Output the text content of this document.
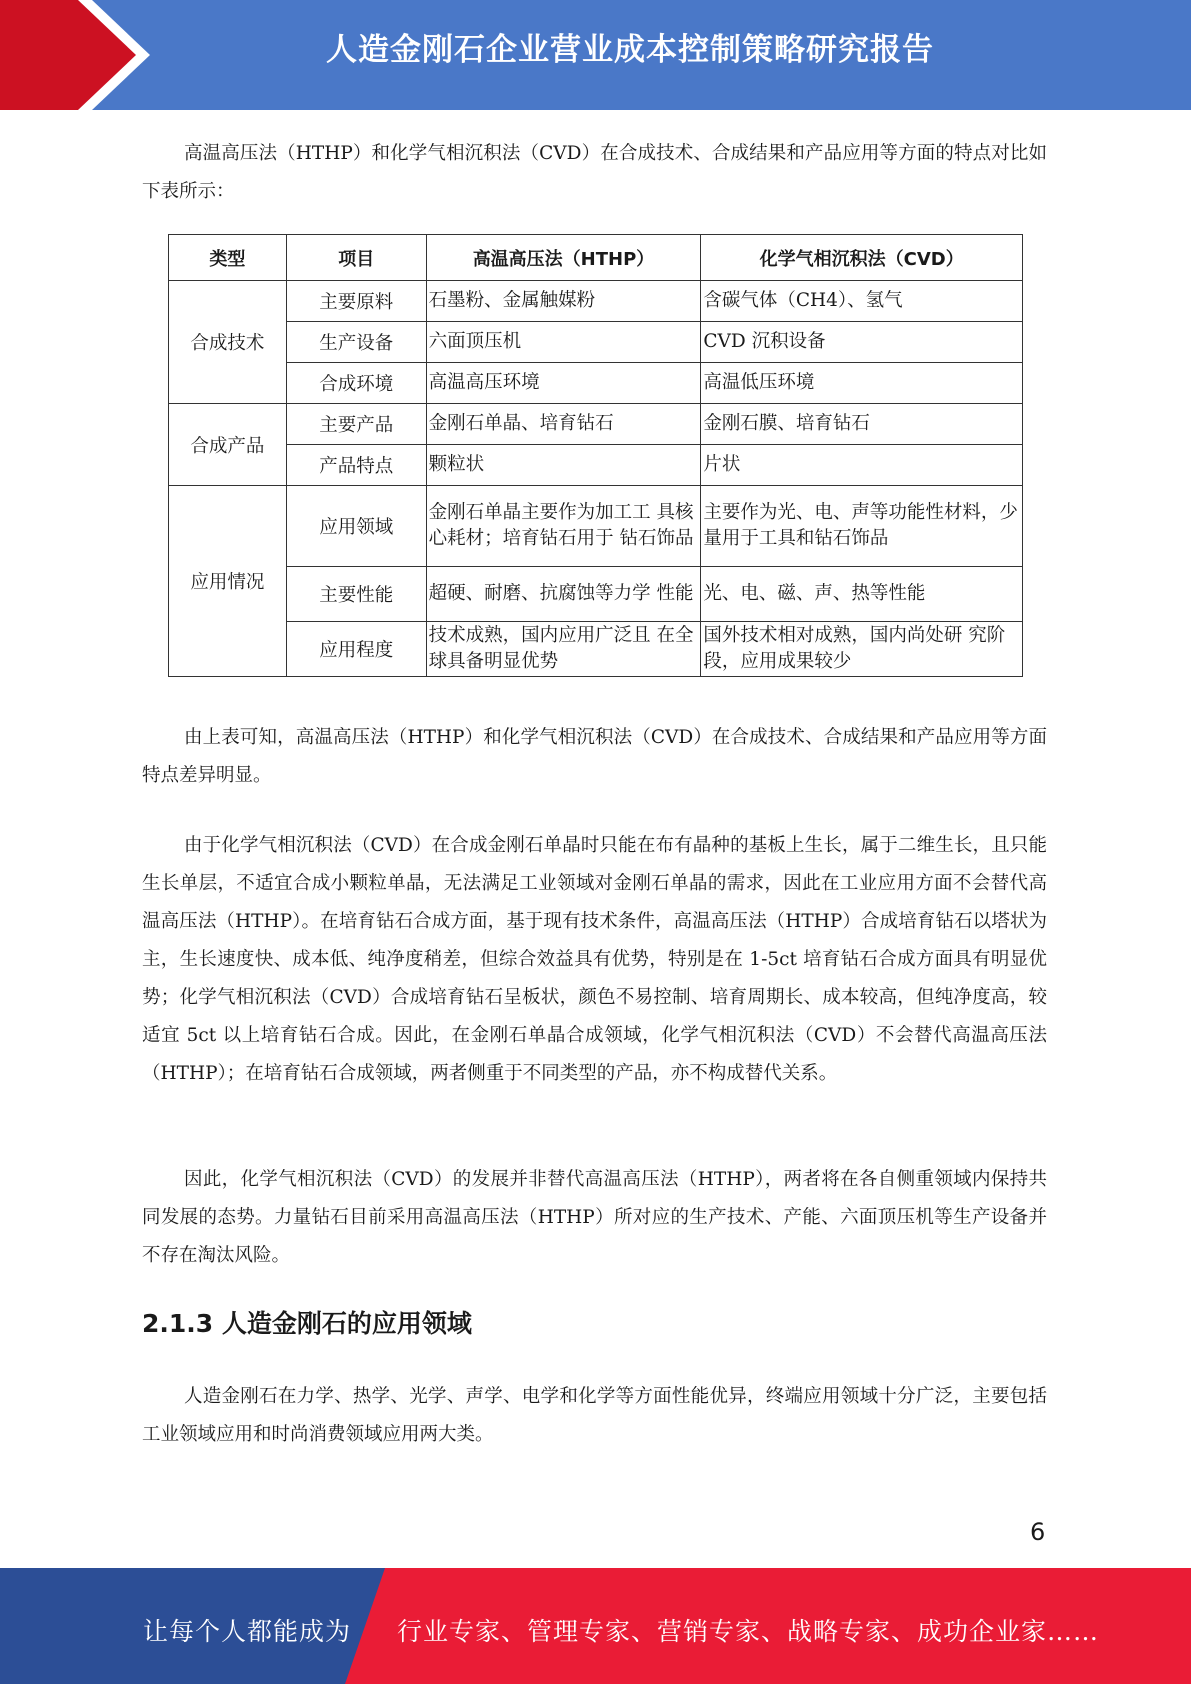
人造金刚石企业营业成本控制策略研究报告
高温高压法（HTHP）和化学气相沉积法（CVD）在合成技术、合成结果和产品应用等方面的特点对比如下表所示：
类型	项目	高温高压法（HTHP）	化学气相沉积法（CVD）
合成技术	主要原料	石墨粉、金属触媒粉	含碳气体（CH4）、氢气
	生产设备	六面顶压机	CVD 沉积设备
	合成环境	高温高压环境	高温低压环境
合成产品	主要产品	金刚石单晶、培育钻石	金刚石膜、培育钻石
	产品特点	颗粒状	片状
应用情况	应用领域	金刚石单晶主要作为加工工 具核心耗材；培育钻石用于 钻石饰品	主要作为光、电、声等功能性材料，少量用于工具和钻石饰品
	主要性能	超硬、耐磨、抗腐蚀等力学 性能	光、电、磁、声、热等性能
	应用程度	技术成熟，国内应用广泛且 在全球具备明显优势	国外技术相对成熟，国内尚处研 究阶段，应用成果较少
由上表可知，高温高压法（HTHP）和化学气相沉积法（CVD）在合成技术、合成结果和产品应用等方面特点差异明显。
由于化学气相沉积法（CVD）在合成金刚石单晶时只能在布有晶种的基板上生长，属于二维生长，且只能生长单层，不适宜合成小颗粒单晶，无法满足工业领域对金刚石单晶的需求，因此在工业应用方面不会替代高温高压法（HTHP）。在培育钻石合成方面，基于现有技术条件，高温高压法（HTHP）合成培育钻石以塔状为主，生长速度快、成本低、纯净度稍差，但综合效益具有优势，特别是在 1-5ct 培育钻石合成方面具有明显优势；化学气相沉积法（CVD）合成培育钻石呈板状，颜色不易控制、培育周期长、成本较高，但纯净度高，较适宜 5ct 以上培育钻石合成。因此，在金刚石单晶合成领域，化学气相沉积法（CVD）不会替代高温高压法（HTHP）；在培育钻石合成领域，两者侧重于不同类型的产品，亦不构成替代关系。
因此，化学气相沉积法（CVD）的发展并非替代高温高压法（HTHP），两者将在各自侧重领域内保持共同发展的态势。力量钻石目前采用高温高压法（HTHP）所对应的生产技术、产能、六面顶压机等生产设备并不存在淘汰风险。
2.1.3 人造金刚石的应用领域
人造金刚石在力学、热学、光学、声学、电学和化学等方面性能优异，终端应用领域十分广泛，主要包括工业领域应用和时尚消费领域应用两大类。
6
让每个人都能成为 行业专家、管理专家、营销专家、战略专家、成功企业家……
